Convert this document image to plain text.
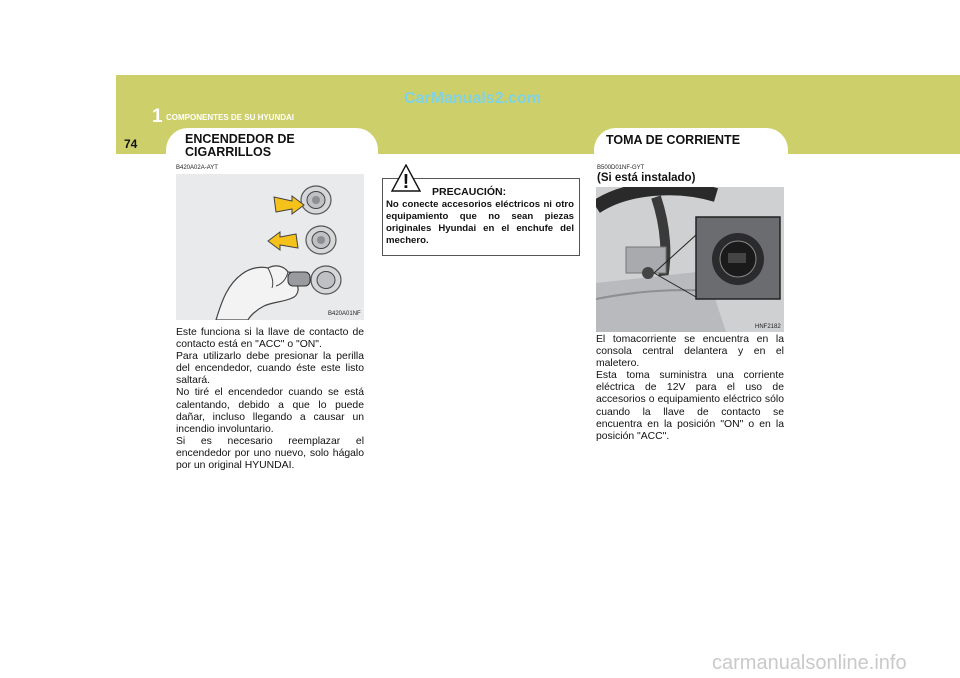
CarManuals2.com
1 COMPONENTES DE SU HYUNDAI
74	ENCENDEDOR DE
CIGARRILLOS
B420A02A-AYT
B420A01NF
Este funciona si la llave de contacto de contacto está en "ACC" o "ON".
Para utilizarlo debe presionar la perilla del encendedor, cuando éste este listo saltará.
No tiré el encendedor cuando se está calentando, debido a que lo puede dañar, incluso llegando a causar un incendio involuntario.
Si es necesario reemplazar el encendedor por uno nuevo, solo hágalo por un original HYUNDAI.
! PRECAUCIÓN:
No conecte accesorios eléctricos ni otro equipamiento que no sean piezas originales Hyundai en el enchufe del mechero.
TOMA DE CORRIENTE
B500D01NF-GYT
(Si está instalado)
HNF2182
El tomacorriente se encuentra en la consola central delantera y en el maletero.
Esta toma suministra una corriente eléctrica de 12V para el uso de accesorios o equipamiento eléctrico sólo cuando la llave de contacto se encuentra en la posición "ON" o en la posición "ACC".
carmanualsonline.info
